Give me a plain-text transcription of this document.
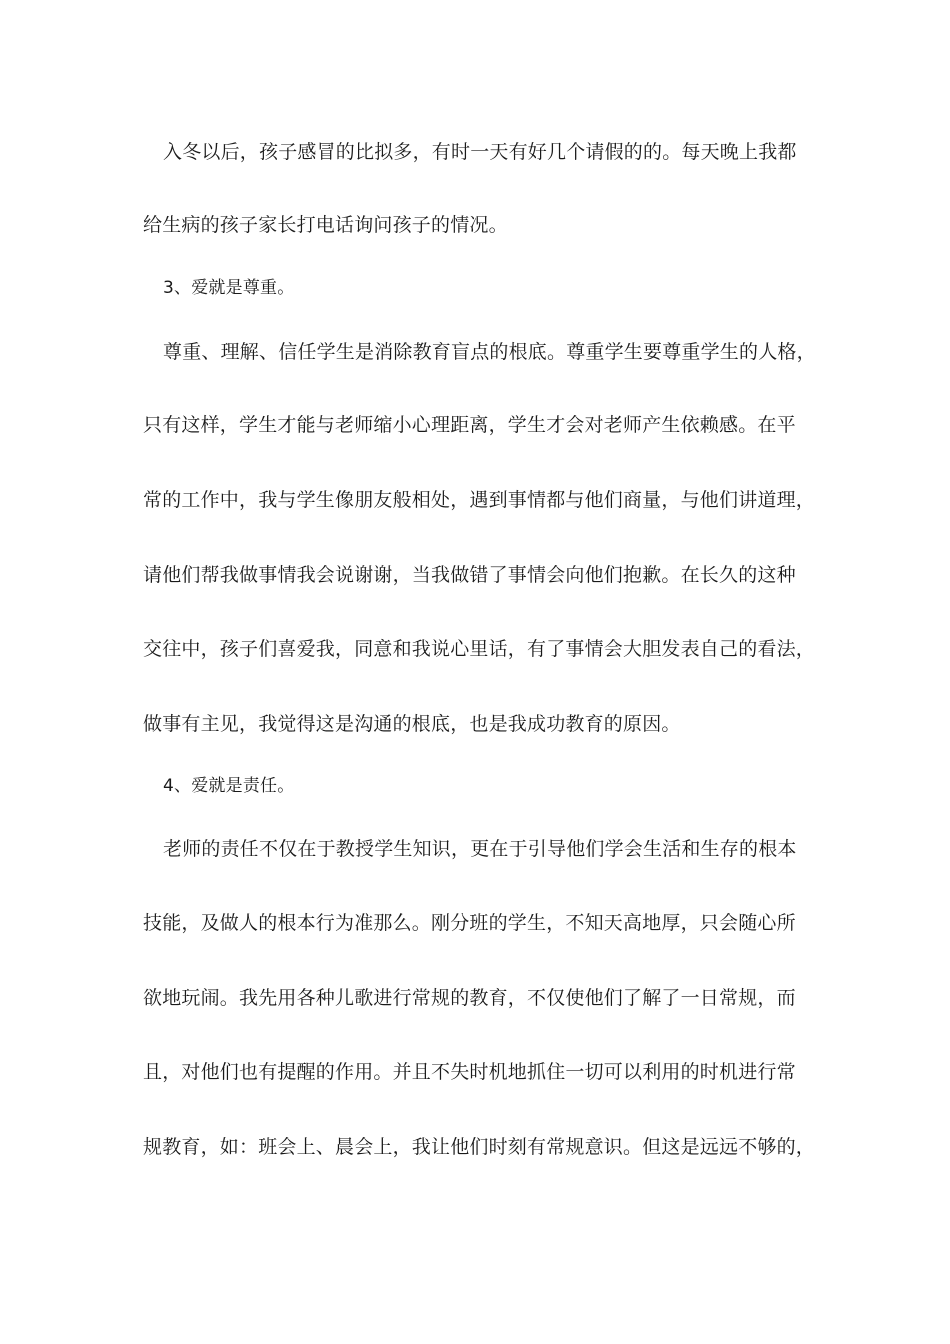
入冬以后，孩子感冒的比拟多，有时一天有好几个请假的的。每天晚上我都
给生病的孩子家长打电话询问孩子的情况。
3、爱就是尊重。
尊重、理解、信任学生是消除教育盲点的根底。尊重学生要尊重学生的人格，
只有这样，学生才能与老师缩小心理距离，学生才会对老师产生依赖感。在平
常的工作中，我与学生像朋友般相处，遇到事情都与他们商量，与他们讲道理，
请他们帮我做事情我会说谢谢，当我做错了事情会向他们抱歉。在长久的这种
交往中，孩子们喜爱我，同意和我说心里话，有了事情会大胆发表自己的看法，
做事有主见，我觉得这是沟通的根底，也是我成功教育的原因。
4、爱就是责任。
老师的责任不仅在于教授学生知识，更在于引导他们学会生活和生存的根本
技能，及做人的根本行为准那么。刚分班的学生，不知天高地厚，只会随心所
欲地玩闹。我先用各种儿歌进行常规的教育，不仅使他们了解了一日常规，而
且，对他们也有提醒的作用。并且不失时机地抓住一切可以利用的时机进行常
规教育，如：班会上、晨会上，我让他们时刻有常规意识。但这是远远不够的，
